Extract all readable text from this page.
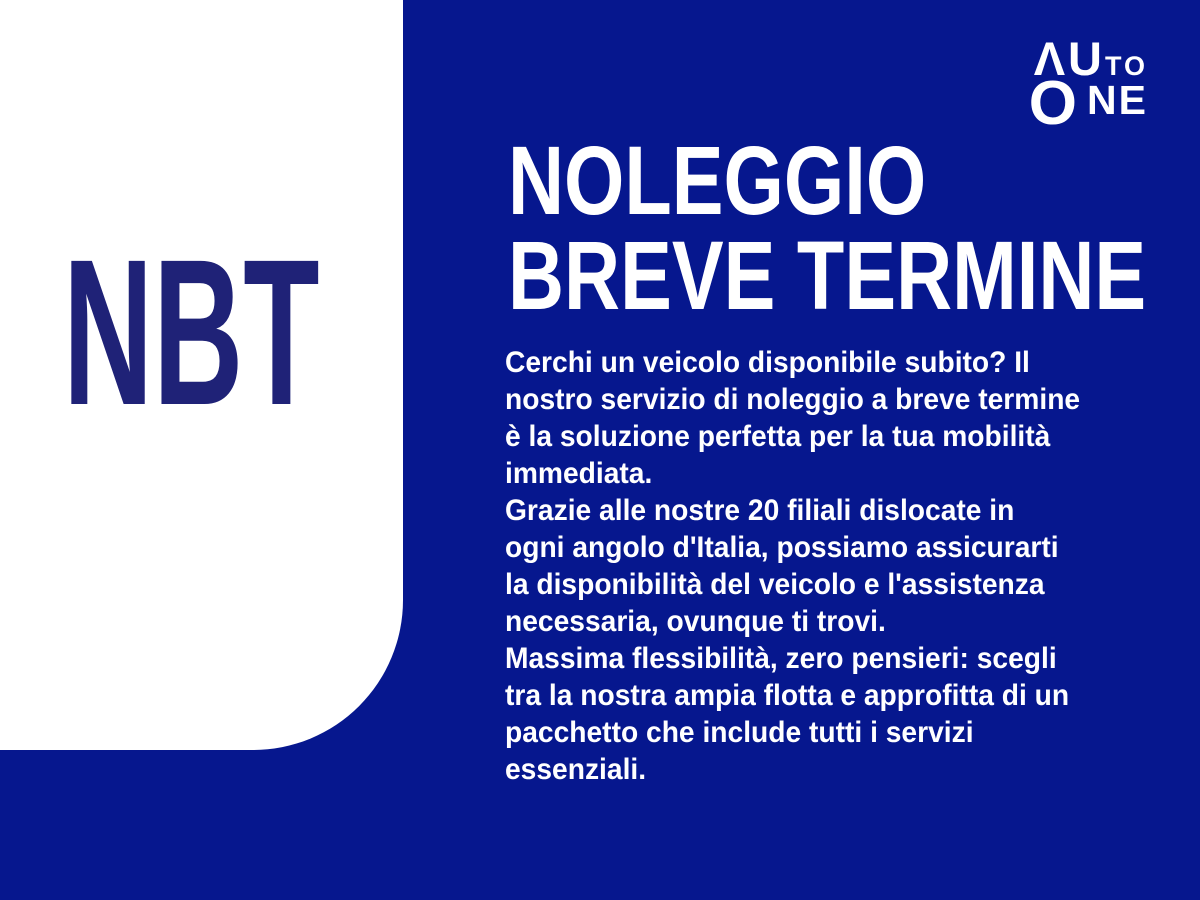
NBT
ΛU TO
O NE
NOLEGGIO
BREVE TERMINE
Cerchi un veicolo disponibile subito? Il
nostro servizio di noleggio a breve termine
è la soluzione perfetta per la tua mobilità
immediata.
Grazie alle nostre 20 filiali dislocate in
ogni angolo d'Italia, possiamo assicurarti
la disponibilità del veicolo e l'assistenza
necessaria, ovunque ti trovi.
Massima flessibilità, zero pensieri: scegli
tra la nostra ampia flotta e approfitta di un
pacchetto che include tutti i servizi
essenziali.
